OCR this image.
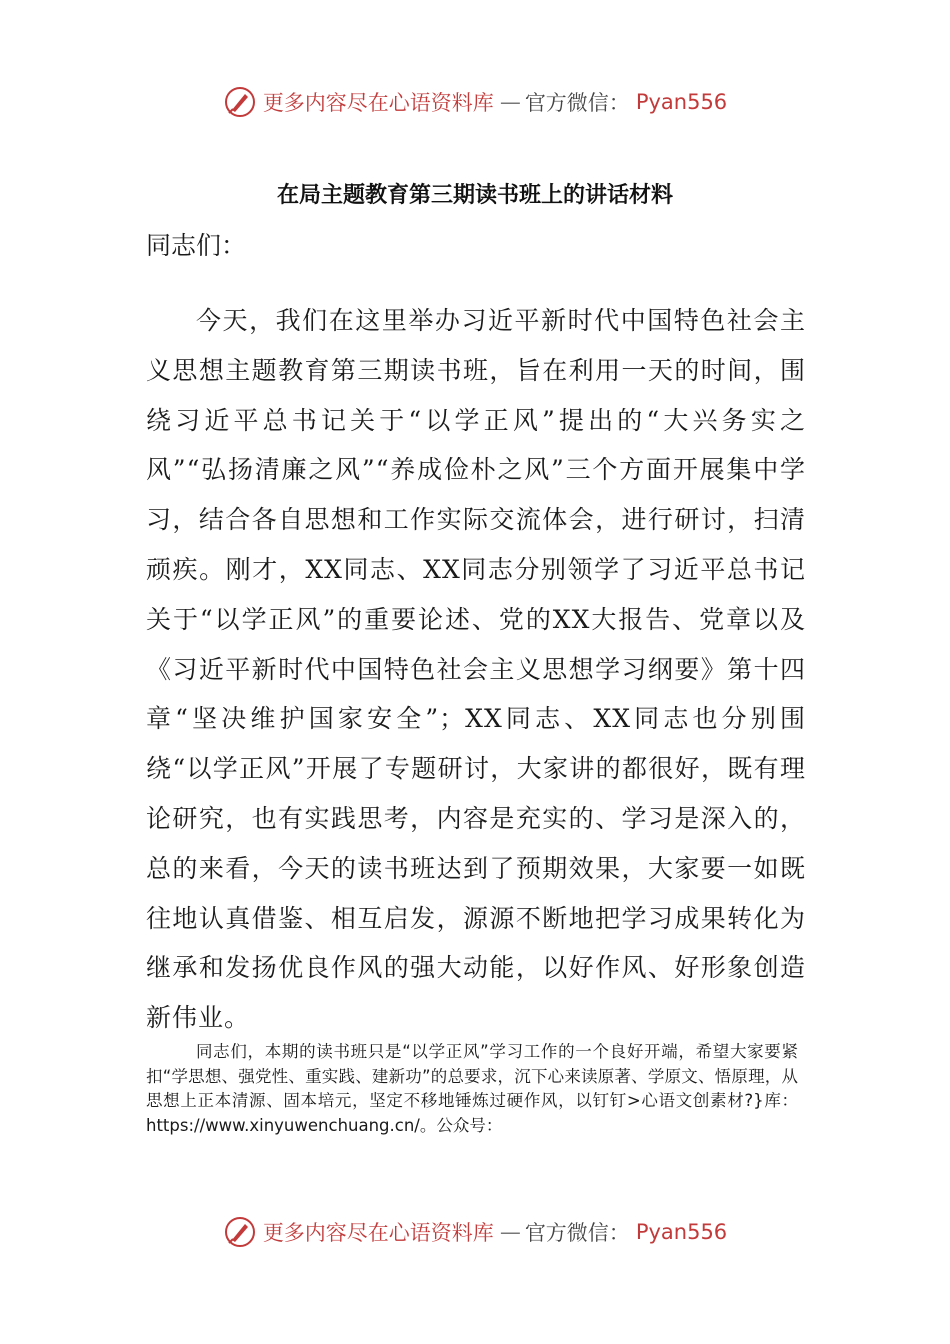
更多内容尽在心语资料库 — 官方微信： Pyan556
在局主题教育第三期读书班上的讲话材料
同志们：

今天，我们在这里举办习近平新时代中国特色社会主义思想主题教育第三期读书班，旨在利用一天的时间，围绕习近平总书记关于“以学正风”提出的“大兴务实之风”“弘扬清廉之风”“养成俭朴之风”三个方面开展集中学习，结合各自思想和工作实际交流体会，进行研讨，扫清顽疾。刚才，XX同志、XX同志分别领学了习近平总书记关于“以学正风”的重要论述、党的XX大报告、党章以及《习近平新时代中国特色社会主义思想学习纲要》第十四章“坚决维护国家安全”；XX同志、XX同志也分别围绕“以学正风”开展了专题研讨，大家讲的都很好，既有理论研究，也有实践思考，内容是充实的、学习是深入的，总的来看，今天的读书班达到了预期效果，大家要一如既往地认真借鉴、相互启发，源源不断地把学习成果转化为继承和发扬优良作风的强大动能，以好作风、好形象创造新伟业。

同志们，本期的读书班只是“以学正风”学习工作的一个良好开端，希望大家要紧扣“学思想、强党性、重实践、建新功”的总要求，沉下心来读原著、学原文、悟原理，从思想上正本清源、固本培元，坚定不移地锤炼过硬作风，以钉钉>心语文创素材?}库：https://www.xinyuwenchuang.cn/。公众号：

更多内容尽在心语资料库 — 官方微信： Pyan556
